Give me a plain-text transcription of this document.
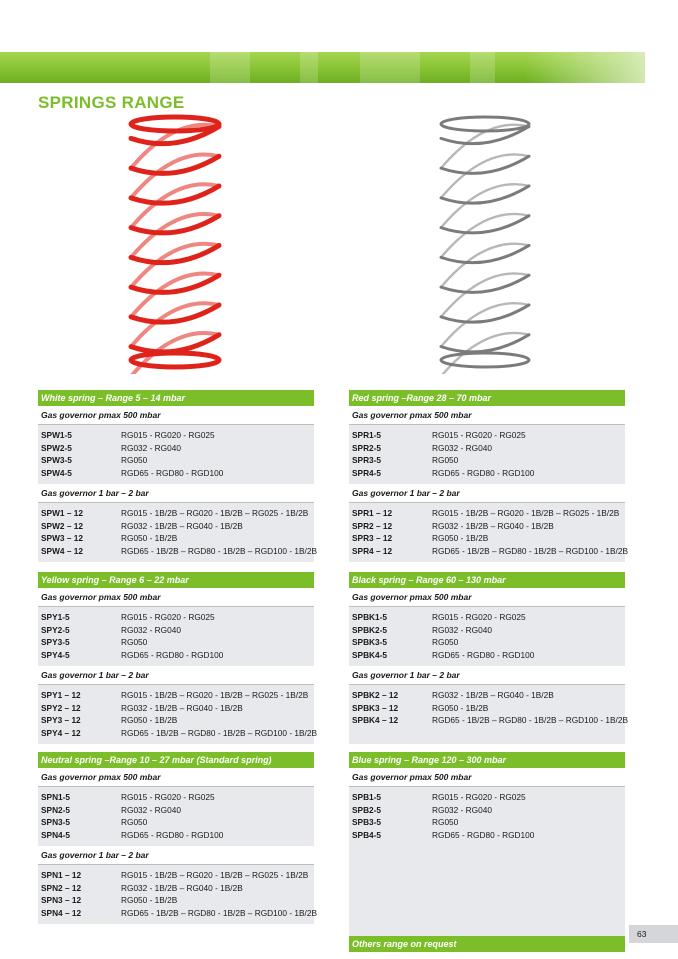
SPRINGS RANGE
White spring – Range 5 – 14 mbar
Gas governor pmax 500 mbar
SPW1-5	RG015 - RG020 - RG025
SPW2-5	RG032 - RG040
SPW3-5	RG050
SPW4-5	RGD65 - RGD80 - RGD100
Gas governor 1 bar – 2 bar
SPW1 – 12	RG015 - 1B/2B – RG020 - 1B/2B – RG025 - 1B/2B
SPW2 – 12	RG032 - 1B/2B – RG040 - 1B/2B
SPW3 – 12	RG050 - 1B/2B
SPW4 – 12	RGD65 - 1B/2B – RGD80 - 1B/2B – RGD100 - 1B/2B
Yellow spring – Range 6 – 22 mbar
Gas governor pmax 500 mbar
SPY1-5	RG015 - RG020 - RG025
SPY2-5	RG032 - RG040
SPY3-5	RG050
SPY4-5	RGD65 - RGD80 - RGD100
Gas governor 1 bar – 2 bar
SPY1 – 12	RG015 - 1B/2B – RG020 - 1B/2B – RG025 - 1B/2B
SPY2 – 12	RG032 - 1B/2B – RG040 - 1B/2B
SPY3 – 12	RG050 - 1B/2B
SPY4 – 12	RGD65 - 1B/2B – RGD80 - 1B/2B – RGD100 - 1B/2B
Neutral spring –Range 10 – 27 mbar (Standard spring)
Gas governor pmax 500 mbar
SPN1-5	RG015 - RG020 - RG025
SPN2-5	RG032 - RG040
SPN3-5	RG050
SPN4-5	RGD65 - RGD80 - RGD100
Gas governor 1 bar – 2 bar
SPN1 – 12	RG015 - 1B/2B – RG020 - 1B/2B – RG025 - 1B/2B
SPN2 – 12	RG032 - 1B/2B – RG040 - 1B/2B
SPN3 – 12	RG050 - 1B/2B
SPN4 – 12	RGD65 - 1B/2B – RGD80 - 1B/2B – RGD100 - 1B/2B
Red spring –Range 28 – 70 mbar
Gas governor pmax 500 mbar
SPR1-5	RG015 - RG020 - RG025
SPR2-5	RG032 - RG040
SPR3-5	RG050
SPR4-5	RGD65 - RGD80 - RGD100
Gas governor 1 bar – 2 bar
SPR1 – 12	RG015 - 1B/2B – RG020 - 1B/2B – RG025 - 1B/2B
SPR2 – 12	RG032 - 1B/2B – RG040 - 1B/2B
SPR3 – 12	RG050 - 1B/2B
SPR4 – 12	RGD65 - 1B/2B – RGD80 - 1B/2B – RGD100 - 1B/2B
Black spring – Range 60 – 130 mbar
Gas governor pmax 500 mbar
SPBK1-5	RG015 - RG020 - RG025
SPBK2-5	RG032 - RG040
SPBK3-5	RG050
SPBK4-5	RGD65 - RGD80 - RGD100
Gas governor 1 bar – 2 bar
SPBK2 – 12	RG032 - 1B/2B – RG040 - 1B/2B
SPBK3 – 12	RG050 - 1B/2B
SPBK4 – 12	RGD65 - 1B/2B – RGD80 - 1B/2B – RGD100 - 1B/2B
Blue spring – Range 120 – 300 mbar
Gas governor pmax 500 mbar
SPB1-5	RG015 - RG020 - RG025
SPB2-5	RG032 - RG040
SPB3-5	RG050
SPB4-5	RGD65 - RGD80 - RGD100
Others range on request
63
